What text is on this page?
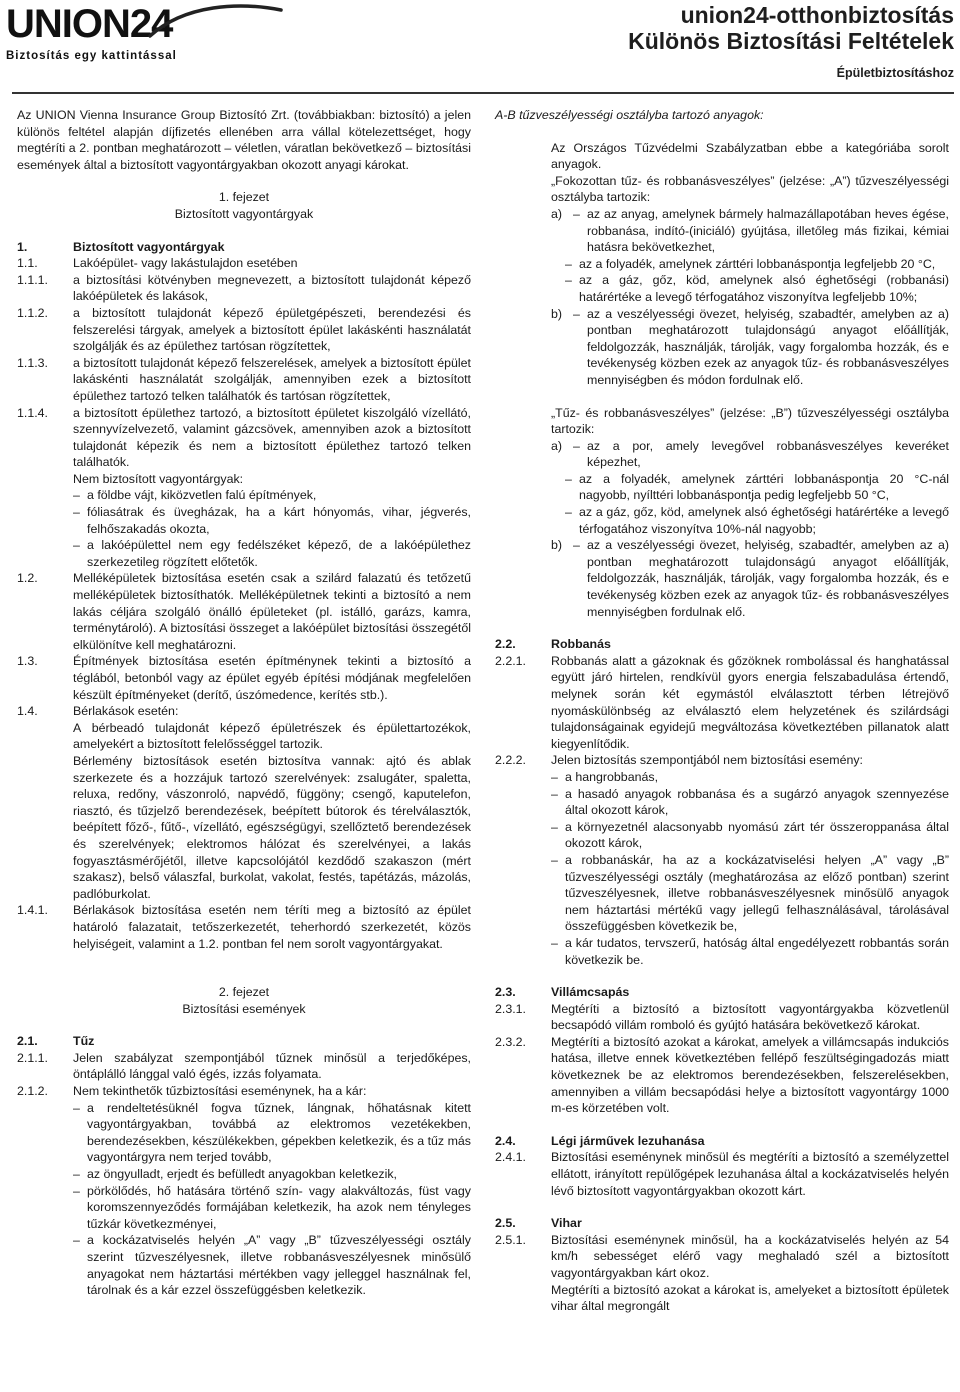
UNION24
Biztosítás egy kattintással
union24-otthonbiztosítás
Különös Biztosítási Feltételek
Épületbiztosításhoz

Az UNION Vienna Insurance Group Biztosító Zrt. (továbbiakban: biztosító) a jelen különös feltétel alapján díjfizetés ellenében arra vállal kötelezettséget, hogy megtéríti a 2. pontban meghatározott – véletlen, váratlan bekövetkező – biztosítási események által a biztosított vagyontárgyakban okozott anyagi károkat.

1. fejezet

Biztosított vagyontárgyak

1.	Biztosított vagyontárgyak
1.1.	Lakóépület- vagy lakástulajdon esetében
1.1.1.	a biztosítási kötvényben megnevezett, a biztosított tulajdonát képező lakóépületek és lakások,
1.1.2.	a biztosított tulajdonát képező épületgépészeti, berendezési és felszerelési tárgyak, amelyek a biztosított épület lakáskénti használatát szolgálják és az épülethez tartósan rögzítettek,
1.1.3.	a biztosított tulajdonát képező felszerelések, amelyek a biztosított épület lakáskénti használatát szolgálják, amennyiben ezek a biztosított épülethez tartozó telken találhatók és tartósan rögzítettek,
1.1.4.	a biztosított épülethez tartozó, a biztosított épületet kiszolgáló vízellátó, szennyvízelvezető, valamint gázcsövek, amennyiben azok a biztosított tulajdonát képezik és nem a biztosított épülethez tartozó telken találhatók.

Nem biztosított vagyontárgyak:

– a földbe vájt, kiközvetlen falú építmények,
– fóliasátrak és üvegházak, ha a kárt hónyomás, vihar, jégverés, felhőszakadás okozta,
– a lakóépülettel nem egy fedélszéket képező, de a lakóépülethez szerkezetileg rögzített előtetők.
1.2.	Melléképületek biztosítása esetén csak a szilárd falazatú és tetőzetű melléképületek biztosíthatók. Melléképületnek tekinti a biztosító a nem lakás céljára szolgáló önálló épületeket (pl. istálló, garázs, kamra, terménytároló). A biztosítási összeget a lakóépület biztosítási összegétől elkülönítve kell meghatározni.
1.3.	Építmények biztosítása esetén építménynek tekinti a biztosító a téglából, betonból vagy az épület egyéb építési módjának megfelelően készült építményeket (derítő, úszómedence, kerítés stb.).
1.4.	Bérlakások esetén:

A bérbeadó tulajdonát képező épületrészek és épülettartozékok, amelyekért a biztosított felelősséggel tartozik.

Bérlemény biztosítások esetén biztosítva vannak: ajtó és ablak szerkezete és a hozzájuk tartozó szerelvények: zsalugáter, spaletta, reluxa, redőny, vászonroló, napvédő, függöny; csengő, kaputelefon, riasztó, és tűzjelző berendezések, beépített bútorok és térelválasztók, beépített főző-, fűtő-, vízellátó, egészségügyi, szellőztető berendezések és szerelvények; elektromos hálózat és szerelvényei, a lakás fogyasztásmérőjétől, illetve kapcsolójától kezdődő szakaszon (mért szakasz), belső válaszfal, burkolat, vakolat, festés, tapétázás, mázolás, padlóburkolat.

1.4.1.	Bérlakások biztosítása esetén nem téríti meg a biztosító az épület határoló falazatait, tetőszerkezetét, teherhordó szerkezetét, közös helyiségeit, valamint a 1.2. pontban fel nem sorolt vagyontárgyakat.

2. fejezet

Biztosítási események

2.1.	Tűz
2.1.1.	Jelen szabályzat szempontjából tűznek minősül a terjedőképes, öntáplálló lánggal való égés, izzás folyamata.
2.1.2.	Nem tekinthetők tűzbiztosítási eseménynek, ha a kár:
– a rendeltetésüknél fogva tűznek, lángnak, hőhatásnak kitett vagyontárgyakban, továbbá az elektromos vezetékekben, berendezésekben, készülékekben, gépekben keletkezik, és a tűz más vagyontárgyra nem terjed tovább,
– az öngyulladt, erjedt és befülledt anyagokban keletkezik,
– pörkölődés, hő hatására történő szín- vagy alakváltozás, füst vagy koromszennyeződés formájában keletkezik, ha azok nem tényleges tűzkár következményei,
– a kockázatviselés helyén „A” vagy „B” tűzveszélyességi osztály szerint tűzveszélyesnek, illetve robbanásveszélyesnek minősülő anyagokat nem háztartási mértékben vagy jelleggel használnak fel, tárolnak és a kár ezzel összefüggésben keletkezik.

A-B tűzveszélyességi osztályba tartozó anyagok:

Az Országos Tűzvédelmi Szabályzatban ebbe a kategóriába sorolt anyagok.

„Fokozottan tűz- és robbanásveszélyes” (jelzése: „A”) tűzveszélyességi osztályba tartozik:

a) – az az anyag, amelynek bármely halmazállapotában heves égése, robbanása, indító-(iniciáló) gyújtása, illetőleg más fizikai, kémiai hatásra bekövetkezhet,
– az a folyadék, amelynek zárttéri lobbanáspontja legfeljebb 20 °C,
– az a gáz, gőz, köd, amelynek alsó éghetőségi (robbanási) határértéke a levegő térfogatához viszonyítva legfeljebb 10%;
b) – az a veszélyességi övezet, helyiség, szabadtér, amelyben az a) pontban meghatározott tulajdonságú anyagot előállítják, feldolgozzák, használják, tárolják, vagy forgalomba hozzák, és e tevékenység közben ezek az anyagok tűz- és robbanásveszélyes mennyiségben és módon fordulnak elő.

„Tűz- és robbanásveszélyes” (jelzése: „B”) tűzveszélyességi osztályba tartozik:

a) – az a por, amely levegővel robbanásveszélyes keveréket képezhet,
– az a folyadék, amelynek zárttéri lobbanáspontja 20 °C-nál nagyobb, nyílttéri lobbanáspontja pedig legfeljebb 50 °C,
– az a gáz, gőz, köd, amelynek alsó éghetőségi határértéke a levegő térfogatához viszonyítva 10%-nál nagyobb;
b) – az a veszélyességi övezet, helyiség, szabadtér, amelyben az a) pontban meghatározott tulajdonságú anyagot előállítják, feldolgozzák, használják, tárolják, vagy forgalomba hozzák, és e tevékenység közben ezek az anyagok tűz- és robbanásveszélyes mennyiségben fordulnak elő.
2.2.	Robbanás
2.2.1.	Robbanás alatt a gázoknak és gőzöknek rombolással és hanghatással együtt járó hirtelen, rendkívül gyors energia felszabadulása értendő, melynek során két egymástól elválasztott térben létrejövő nyomáskülönbség az elválasztó elem helyzetének és szilárdsági tulajdonságainak egyidejű megváltozása következtében pillanatok alatt kiegyenlítődik.
2.2.2.	Jelen biztosítás szempontjából nem biztosítási esemény:
– a hangrobbanás,
– a hasadó anyagok robbanása és a sugárzó anyagok szennyezése által okozott károk,
– a környezetnél alacsonyabb nyomású zárt tér összeroppanása által okozott károk,
– a robbanáskár, ha az a kockázatviselési helyen „A” vagy „B” tűzveszélyességi osztály (meghatározása az előző pontban) szerint tűzveszélyesnek, illetve robbanásveszélyesnek minősülő anyagok nem háztartási mértékű vagy jellegű felhasználásával, tárolásával összefüggésben következik be,
– a kár tudatos, tervszerű, hatóság által engedélyezett robbantás során következik be.
2.3.	Villámcsapás
2.3.1.	Megtéríti a biztosító a biztosított vagyontárgyakba közvetlenül becsapódó villám romboló és gyújtó hatására bekövetkező károkat.
2.3.2.	Megtéríti a biztosító azokat a károkat, amelyek a villámcsapás indukciós hatása, illetve ennek következtében fellépő feszültségingadozás miatt következnek be az elektromos berendezésekben, felszerelésekben, amennyiben a villám becsapódási helye a biztosított vagyontárgy 1000 m-es körzetében volt.
2.4.	Légi járművek lezuhanása
2.4.1.	Biztosítási eseménynek minősül és megtéríti a biztosító a személyzettel ellátott, irányított repülőgépek lezuhanása által a kockázatviselés helyén lévő biztosított vagyontárgyakban okozott kárt.
2.5.	Vihar
2.5.1.	Biztosítási eseménynek minősül, ha a kockázatviselés helyén az 54 km/h sebességet elérő vagy meghaladó szél a biztosított vagyontárgyakban kárt okoz.

Megtéríti a biztosító azokat a károkat is, amelyeket a biztosított épületek vihar által megrongált
